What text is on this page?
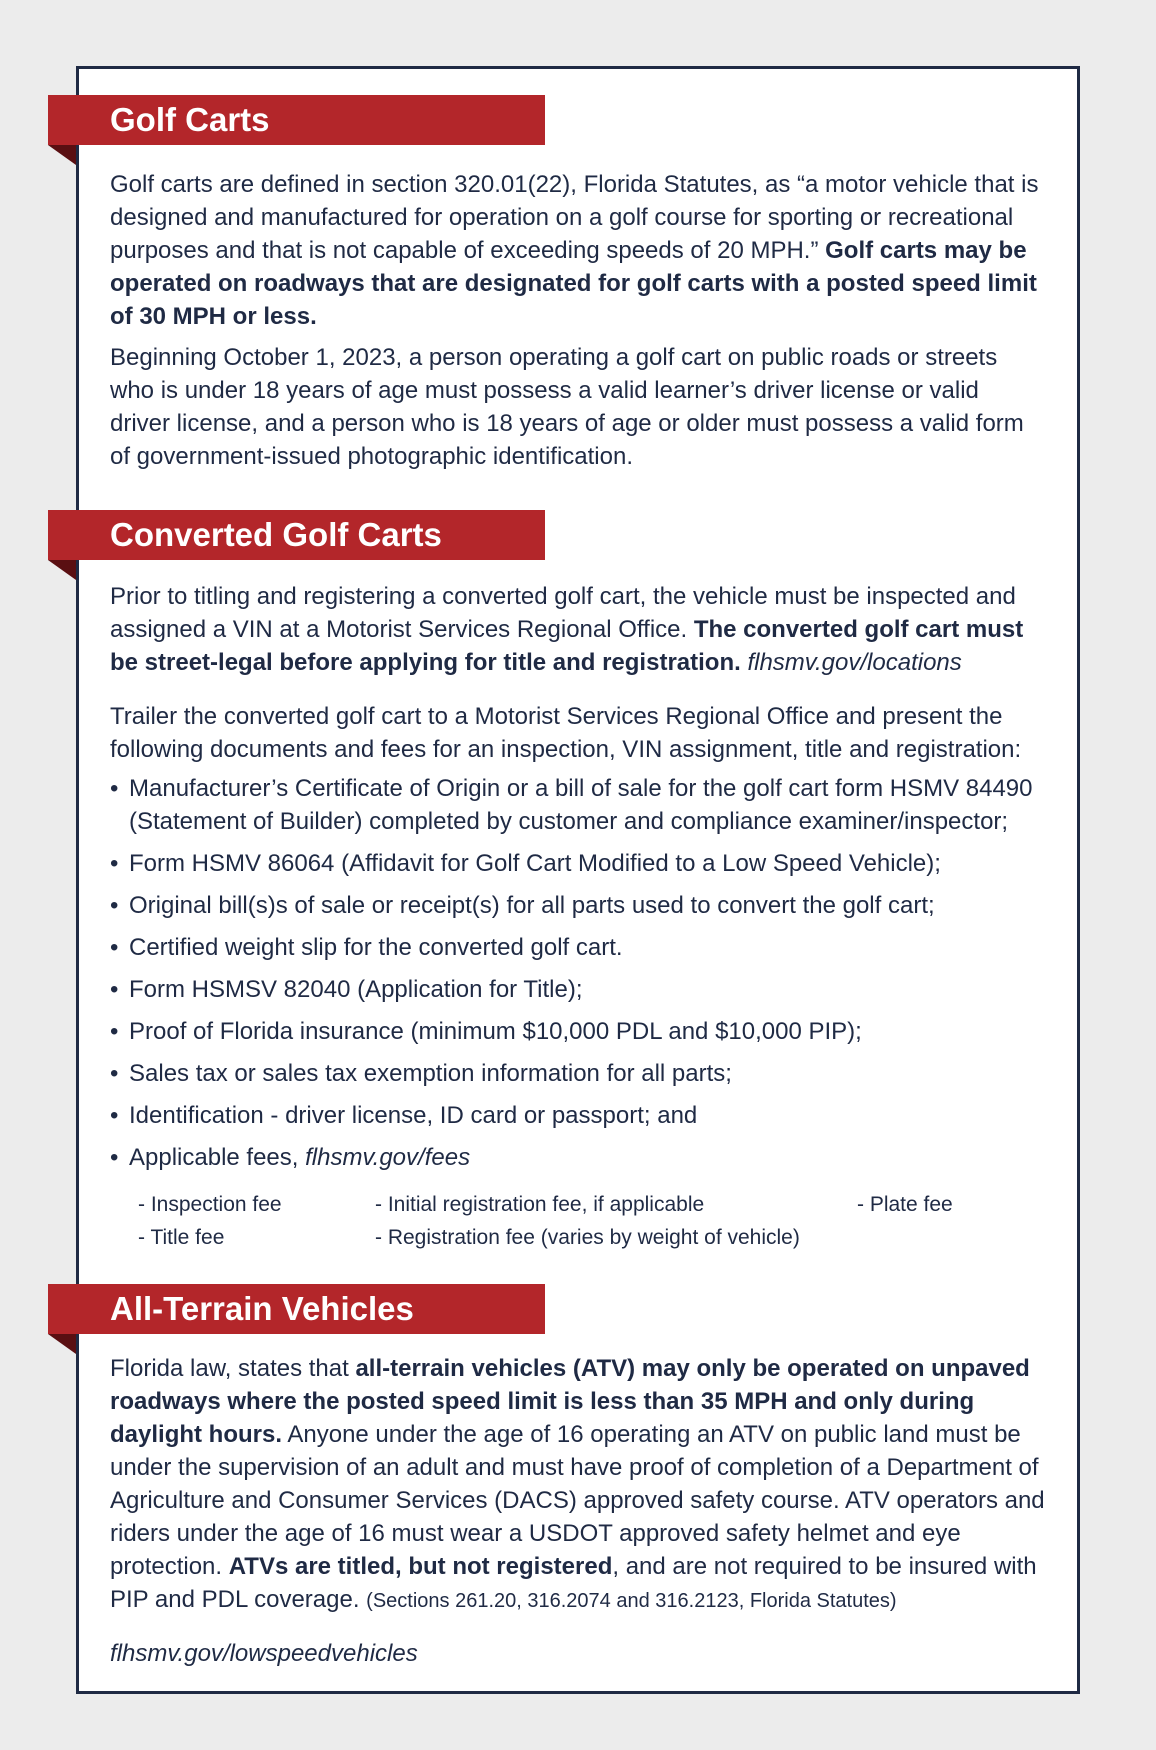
Golf Carts

Golf carts are defined in section 320.01(22), Florida Statutes, as “a motor vehicle that is designed and manufactured for operation on a golf course for sporting or recreational purposes and that is not capable of exceeding speeds of 20 MPH.” Golf carts may be operated on roadways that are designated for golf carts with a posted speed limit of 30 MPH or less.

Beginning October 1, 2023, a person operating a golf cart on public roads or streets who is under 18 years of age must possess a valid learner’s driver license or valid driver license, and a person who is 18 years of age or older must possess a valid form of government-issued photographic identification.

Converted Golf Carts

Prior to titling and registering a converted golf cart, the vehicle must be inspected and assigned a VIN at a Motorist Services Regional Office. The converted golf cart must be street-legal before applying for title and registration. flhsmv.gov/locations

Trailer the converted golf cart to a Motorist Services Regional Office and present the following documents and fees for an inspection, VIN assignment, title and registration:

• Manufacturer’s Certificate of Origin or a bill of sale for the golf cart form HSMV 84490 (Statement of Builder) completed by customer and compliance examiner/inspector;
• Form HSMV 86064 (Affidavit for Golf Cart Modified to a Low Speed Vehicle);
• Original bill(s)s of sale or receipt(s) for all parts used to convert the golf cart;
• Certified weight slip for the converted golf cart.
• Form HSMSV 82040 (Application for Title);
• Proof of Florida insurance (minimum $10,000 PDL and $10,000 PIP);
• Sales tax or sales tax exemption information for all parts;
• Identification - driver license, ID card or passport; and
• Applicable fees, flhsmv.gov/fees
- Inspection fee	- Initial registration fee, if applicable	- Plate fee
- Title fee	- Registration fee (varies by weight of vehicle)
All-Terrain Vehicles

Florida law, states that all-terrain vehicles (ATV) may only be operated on unpaved roadways where the posted speed limit is less than 35 MPH and only during daylight hours. Anyone under the age of 16 operating an ATV on public land must be under the supervision of an adult and must have proof of completion of a Department of Agriculture and Consumer Services (DACS) approved safety course. ATV operators and riders under the age of 16 must wear a USDOT approved safety helmet and eye protection. ATVs are titled, but not registered, and are not required to be insured with PIP and PDL coverage. (Sections 261.20, 316.2074 and 316.2123, Florida Statutes)

flhsmv.gov/lowspeedvehicles
